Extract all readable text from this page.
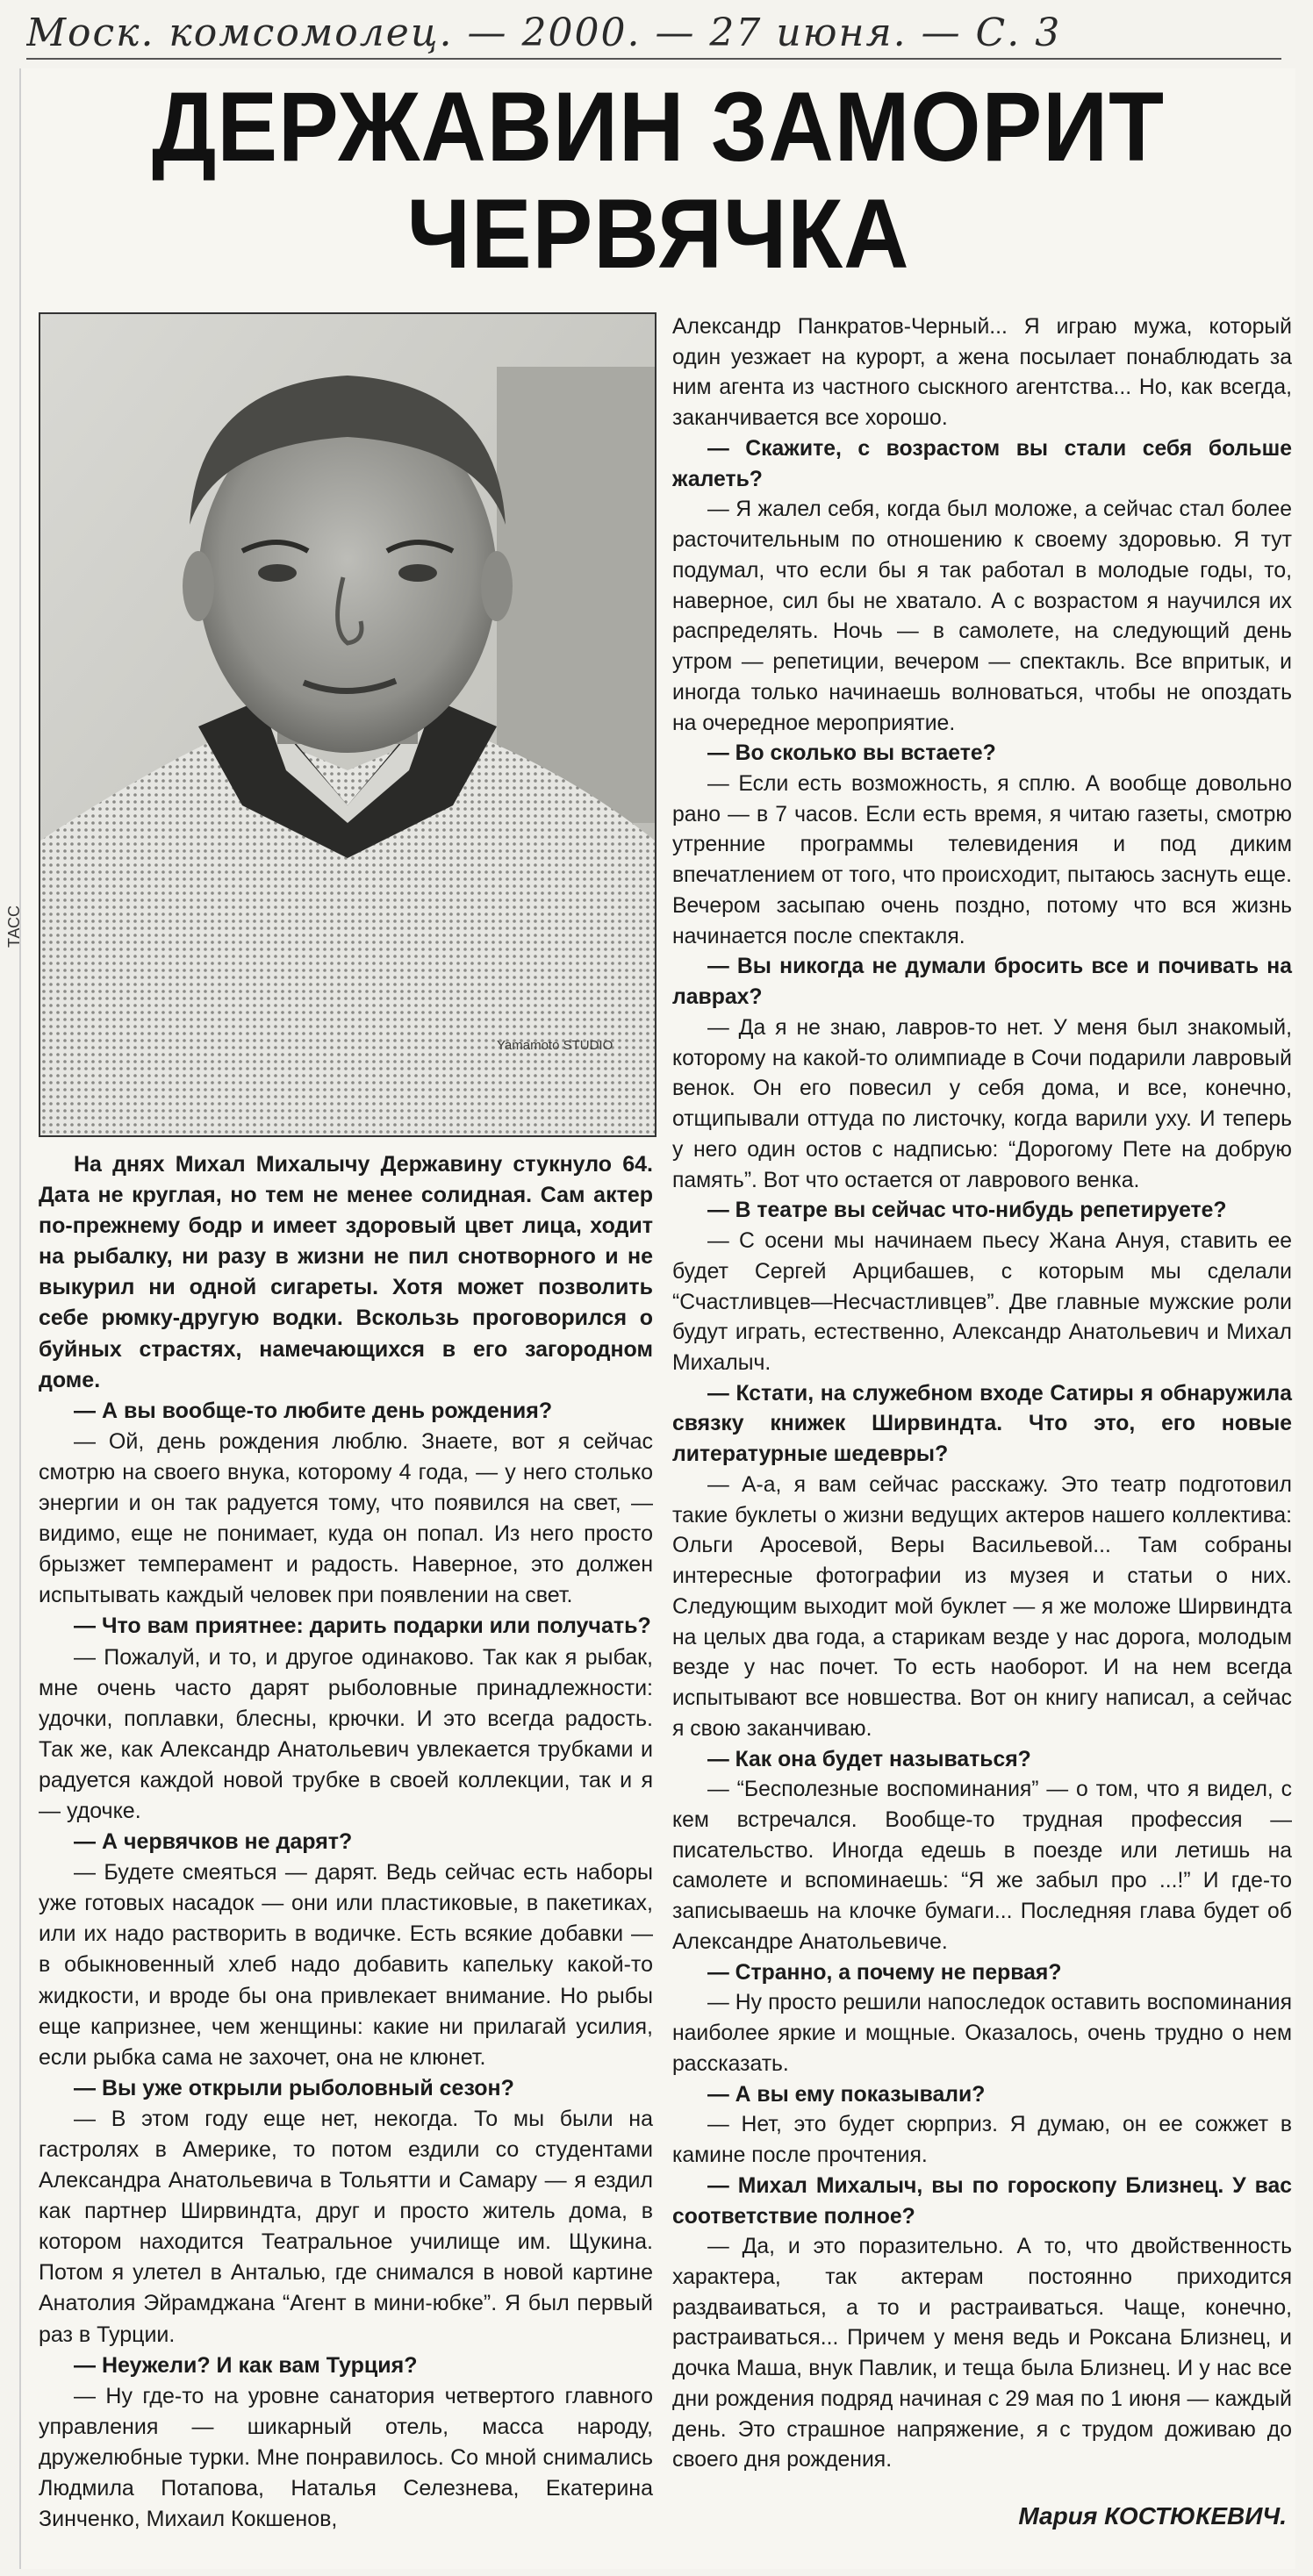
Моск. комсомолец. — 2000. — 27 июня. — С. 3
ДЕРЖАВИН ЗАМОРИТ
ЧЕРВЯЧКА
Yamamoto STUDIO
ТАСС

Александр Панкратов-Черный... Я играю мужа, который один уезжает на курорт, а жена посылает понаблюдать за ним агента из частного сыскного агентства... Но, как всегда, заканчивается все хорошо.

— Скажите, с возрастом вы стали себя больше жалеть?

— Я жалел себя, когда был моложе, а сейчас стал более расточительным по отношению к своему здоровью. Я тут подумал, что если бы я так работал в молодые годы, то, наверное, сил бы не хватало. А с возрастом я научился их распределять. Ночь — в самолете, на следующий день утром — репетиции, вечером — спектакль. Все впритык, и иногда только начинаешь волноваться, чтобы не опоздать на очередное мероприятие.

— Во сколько вы встаете?

— Если есть возможность, я сплю. А вообще довольно рано — в 7 часов. Если есть время, я читаю газеты, смотрю утренние программы телевидения и под диким впечатлением от того, что происходит, пытаюсь заснуть еще. Вечером засыпаю очень поздно, потому что вся жизнь начинается после спектакля.

— Вы никогда не думали бросить все и почивать на лаврах?

— Да я не знаю, лавров-то нет. У меня был знакомый, которому на какой-то олимпиаде в Сочи подарили лавровый венок. Он его повесил у себя дома, и все, конечно, отщипывали оттуда по листочку, когда варили уху. И теперь у него один остов с надписью: “Дорогому Пете на добрую память”. Вот что остается от лаврового венка.

— В театре вы сейчас что-нибудь репетируете?

— С осени мы начинаем пьесу Жана Ануя, ставить ее будет Сергей Арцибашев, с которым мы сделали “Счастливцев—Несчастливцев”. Две главные мужские роли будут играть, естественно, Александр Анатольевич и Михал Михалыч.

— Кстати, на служебном входе Сатиры я обнаружила связку книжек Ширвиндта. Что это, его новые литературные шедевры?

— А-а, я вам сейчас расскажу. Это театр подготовил такие буклеты о жизни ведущих актеров нашего коллектива: Ольги Аросевой, Веры Васильевой... Там собраны интересные фотографии из музея и статьи о них. Следующим выходит мой буклет — я же моложе Ширвиндта на целых два года, а старикам везде у нас дорога, молодым везде у нас почет. То есть наоборот. И на нем всегда испытывают все новшества. Вот он книгу написал, а сейчас я свою заканчиваю.

— Как она будет называться?

— “Бесполезные воспоминания” — о том, что я видел, с кем встречался. Вообще-то трудная профессия — писательство. Иногда едешь в поезде или летишь на самолете и вспоминаешь: “Я же забыл про ...!” И где-то записываешь на клочке бумаги... Последняя глава будет об Александре Анатольевиче.

— Странно, а почему не первая?

— Ну просто решили напоследок оставить воспоминания наиболее яркие и мощные. Оказалось, очень трудно о нем рассказать.

— А вы ему показывали?

— Нет, это будет сюрприз. Я думаю, он ее сожжет в камине после прочтения.

— Михал Михалыч, вы по гороскопу Близнец. У вас соответствие полное?

— Да, и это поразительно. А то, что двойственность характера, так актерам постоянно приходится раздваиваться, а то и растраиваться. Чаще, конечно, растраиваться... Причем у меня ведь и Роксана Близнец, и дочка Маша, внук Павлик, и теща была Близнец. И у нас все дни рождения подряд начиная с 29 мая по 1 июня — каждый день. Это страшное напряжение, я с трудом доживаю до своего дня рождения.

На днях Михал Михалычу Державину стукнуло 64. Дата не круглая, но тем не менее солидная. Сам актер по-прежнему бодр и имеет здоровый цвет лица, ходит на рыбалку, ни разу в жизни не пил снотворного и не выкурил ни одной сигареты. Хотя может позволить себе рюмку-другую водки. Вскользь проговорился о буйных страстях, намечающихся в его загородном доме.

— А вы вообще-то любите день рождения?

— Ой, день рождения люблю. Знаете, вот я сейчас смотрю на своего внука, которому 4 года, — у него столько энергии и он так радуется тому, что появился на свет, — видимо, еще не понимает, куда он попал. Из него просто брызжет темперамент и радость. Наверное, это должен испытывать каждый человек при появлении на свет.

— Что вам приятнее: дарить подарки или получать?

— Пожалуй, и то, и другое одинаково. Так как я рыбак, мне очень часто дарят рыболовные принадлежности: удочки, поплавки, блесны, крючки. И это всегда радость. Так же, как Александр Анатольевич увлекается трубками и радуется каждой новой трубке в своей коллекции, так и я — удочке.

— А червячков не дарят?

— Будете смеяться — дарят. Ведь сейчас есть наборы уже готовых насадок — они или пластиковые, в пакетиках, или их надо растворить в водичке. Есть всякие добавки — в обыкновенный хлеб надо добавить капельку какой-то жидкости, и вроде бы она привлекает внимание. Но рыбы еще капризнее, чем женщины: какие ни прилагай усилия, если рыбка сама не захочет, она не клюнет.

— Вы уже открыли рыболовный сезон?

— В этом году еще нет, некогда. То мы были на гастролях в Америке, то потом ездили со студентами Александра Анатольевича в Тольятти и Самару — я ездил как партнер Ширвиндта, друг и просто житель дома, в котором находится Театральное училище им. Щукина. Потом я улетел в Анталью, где снимался в новой картине Анатолия Эйрамджана “Агент в мини-юбке”. Я был первый раз в Турции.

— Неужели? И как вам Турция?

— Ну где-то на уровне санатория четвертого главного управления — шикарный отель, масса народу, дружелюбные турки. Мне понравилось. Со мной снимались Людмила Потапова, Наталья Селезнева, Екатерина Зинченко, Михаил Кокшенов,	Мария КОСТЮКЕВИЧ.
